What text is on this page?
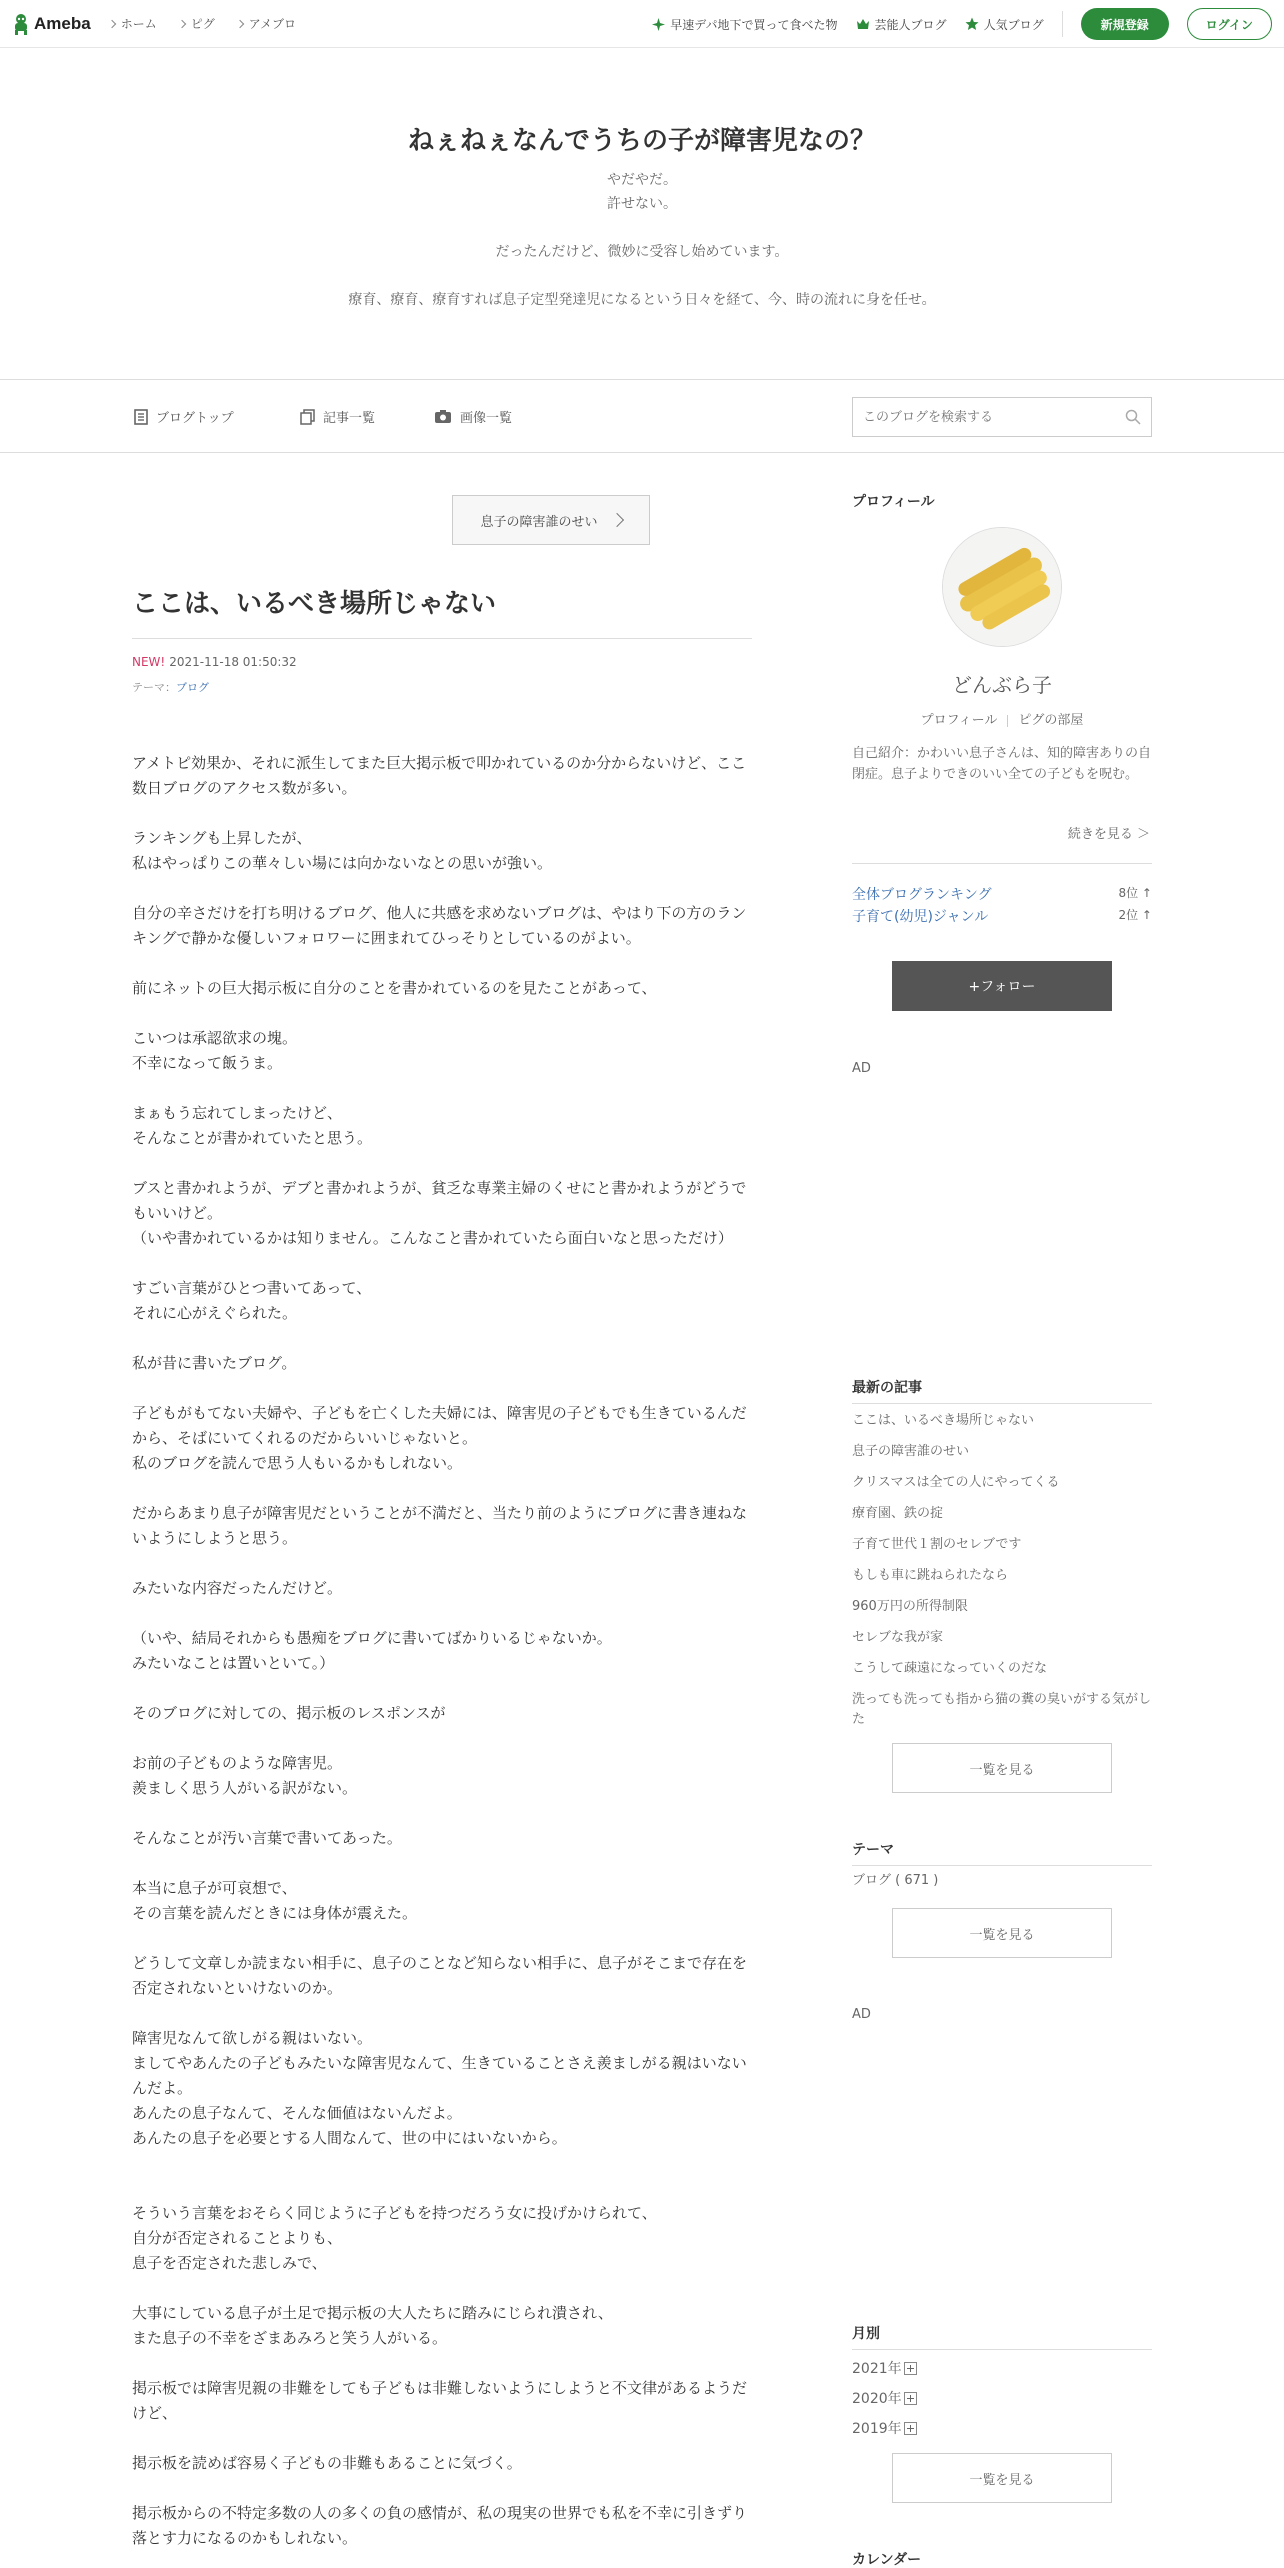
Ameba	ホーム	ピグ	アメブロ	早速デパ地下で買って食べた物	芸能人ブログ	人気ブログ	新規登録	ログイン
ねぇねぇなんでうちの子が障害児なの？
やだやだ。
許せない。
だったんだけど、微妙に受容し始めています。
療育、療育、療育すれば息子定型発達児になるという日々を経て、今、時の流れに身を任せ。
ブログトップ	記事一覧	画像一覧
このブログを検索する
息子の障害誰のせい
ここは、いるべき場所じゃない
NEW! 2021-11-18 01:50:32
テーマ：ブログ

アメトピ効果か、それに派生してまた巨大掲示板で叩かれているのか分からないけど、ここ数日ブログのアクセス数が多い。

ランキングも上昇したが、
私はやっぱりこの華々しい場には向かないなとの思いが強い。

自分の辛さだけを打ち明けるブログ、他人に共感を求めないブログは、やはり下の方のランキングで静かな優しいフォロワーに囲まれてひっそりとしているのがよい。

前にネットの巨大掲示板に自分のことを書かれているのを見たことがあって、

こいつは承認欲求の塊。
不幸になって飯うま。

まぁもう忘れてしまったけど、
そんなことが書かれていたと思う。

ブスと書かれようが、デブと書かれようが、貧乏な専業主婦のくせにと書かれようがどうでもいいけど。
（いや書かれているかは知りません。こんなこと書かれていたら面白いなと思っただけ）

すごい言葉がひとつ書いてあって、
それに心がえぐられた。

私が昔に書いたブログ。

子どもがもてない夫婦や、子どもを亡くした夫婦には、障害児の子どもでも生きているんだから、そばにいてくれるのだからいいじゃないと。
私のブログを読んで思う人もいるかもしれない。

だからあまり息子が障害児だということが不満だと、当たり前のようにブログに書き連ねないようにしようと思う。

みたいな内容だったんだけど。

（いや、結局それからも愚痴をブログに書いてばかりいるじゃないか。
みたいなことは置いといて。）

そのブログに対しての、掲示板のレスポンスが

お前の子どものような障害児。
羨ましく思う人がいる訳がない。

そんなことが汚い言葉で書いてあった。

本当に息子が可哀想で、
その言葉を読んだときには身体が震えた。

どうして文章しか読まない相手に、息子のことなど知らない相手に、息子がそこまで存在を否定されないといけないのか。

障害児なんて欲しがる親はいない。
ましてやあんたの子どもみたいな障害児なんて、生きていることさえ羨ましがる親はいないんだよ。
あんたの息子なんて、そんな価値はないんだよ。
あんたの息子を必要とする人間なんて、世の中にはいないから。

そういう言葉をおそらく同じように子どもを持つだろう女に投げかけられて、
自分が否定されることよりも、
息子を否定された悲しみで、

大事にしている息子が土足で掲示板の大人たちに踏みにじられ潰され、
また息子の不幸をざまあみろと笑う人がいる。

掲示板では障害児親の非難をしても子どもは非難しないようにしようと不文律があるようだけど、

掲示板を読めば容易く子どもの非難もあることに気づく。

掲示板からの不特定多数の人の多くの負の感情が、私の現実の世界でも私を不幸に引きずり落とす力になるのかもしれない。

プロフィール
どんぶら子
プロフィール ピグの部屋
自己紹介：かわいい息子さんは、知的障害ありの自閉症。息子よりできのいい全ての子どもを呪む。
続きを見る ＞
全体ブログランキング	8位 ↑
子育て(幼児)ジャンル	2位 ↑
+フォロー
AD
最新の記事
ここは、いるべき場所じゃない
息子の障害誰のせい
クリスマスは全ての人にやってくる
療育園、鉄の掟
子育て世代１割のセレブです
もしも車に跳ねられたなら
960万円の所得制限
セレブな我が家
こうして疎遠になっていくのだな
洗っても洗っても指から猫の糞の臭いがする気がした
一覧を見る
テーマ
ブログ ( 671 )
一覧を見る
AD
月別
2021年
2020年
2019年
一覧を見る
カレンダー
